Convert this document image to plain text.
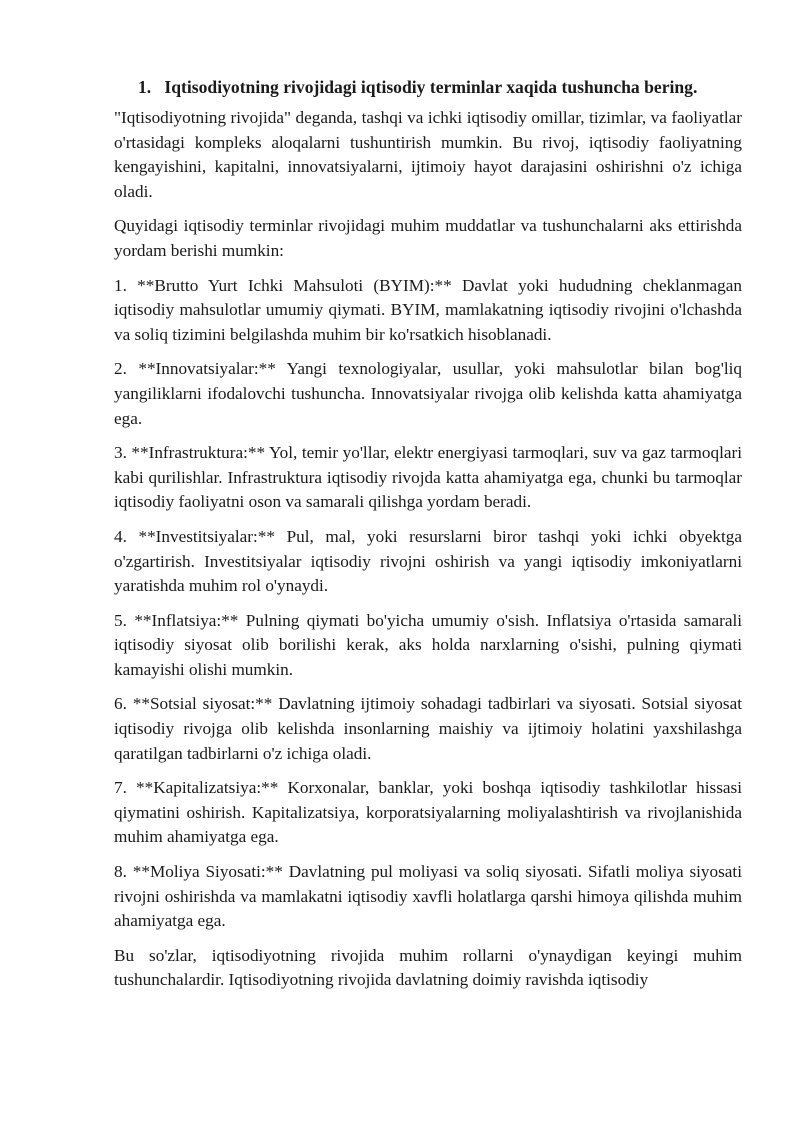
1. Iqtisodiyotning rivojidagi iqtisodiy terminlar xaqida tushuncha bering.

"Iqtisodiyotning rivojida" deganda, tashqi va ichki iqtisodiy omillar, tizimlar, va faoliyatlar o'rtasidagi kompleks aloqalarni tushuntirish mumkin. Bu rivoj, iqtisodiy faoliyatning kengayishini, kapitalni, innovatsiyalarni, ijtimoiy hayot darajasini oshirishni o'z ichiga oladi.

Quyidagi iqtisodiy terminlar rivojidagi muhim muddatlar va tushunchalarni aks ettirishda yordam berishi mumkin:

1. **Brutto Yurt Ichki Mahsuloti (BYIM):** Davlat yoki hududning cheklanmagan iqtisodiy mahsulotlar umumiy qiymati. BYIM, mamlakatning iqtisodiy rivojini o'lchashda va soliq tizimini belgilashda muhim bir ko'rsatkich hisoblanadi.

2. **Innovatsiyalar:** Yangi texnologiyalar, usullar, yoki mahsulotlar bilan bog'liq yangiliklarni ifodalovchi tushuncha. Innovatsiyalar rivojga olib kelishda katta ahamiyatga ega.

3. **Infrastruktura:** Yol, temir yo'llar, elektr energiyasi tarmoqlari, suv va gaz tarmoqlari kabi qurilishlar. Infrastruktura iqtisodiy rivojda katta ahamiyatga ega, chunki bu tarmoqlar iqtisodiy faoliyatni oson va samarali qilishga yordam beradi.

4. **Investitsiyalar:** Pul, mal, yoki resurslarni biror tashqi yoki ichki obyektga o'zgartirish. Investitsiyalar iqtisodiy rivojni oshirish va yangi iqtisodiy imkoniyatlarni yaratishda muhim rol o'ynaydi.

5. **Inflatsiya:** Pulning qiymati bo'yicha umumiy o'sish. Inflatsiya o'rtasida samarali iqtisodiy siyosat olib borilishi kerak, aks holda narxlarning o'sishi, pulning qiymati kamayishi olishi mumkin.

6. **Sotsial siyosat:** Davlatning ijtimoiy sohadagi tadbirlari va siyosati. Sotsial siyosat iqtisodiy rivojga olib kelishda insonlarning maishiy va ijtimoiy holatini yaxshilashga qaratilgan tadbirlarni o'z ichiga oladi.

7. **Kapitalizatsiya:** Korxonalar, banklar, yoki boshqa iqtisodiy tashkilotlar hissasi qiymatini oshirish. Kapitalizatsiya, korporatsiyalarning moliyalashtirish va rivojlanishida muhim ahamiyatga ega.

8. **Moliya Siyosati:** Davlatning pul moliyasi va soliq siyosati. Sifatli moliya siyosati rivojni oshirishda va mamlakatni iqtisodiy xavfli holatlarga qarshi himoya qilishda muhim ahamiyatga ega.

Bu so'zlar, iqtisodiyotning rivojida muhim rollarni o'ynaydigan keyingi muhim tushunchalardir. Iqtisodiyotning rivojida davlatning doimiy ravishda iqtisodiy
